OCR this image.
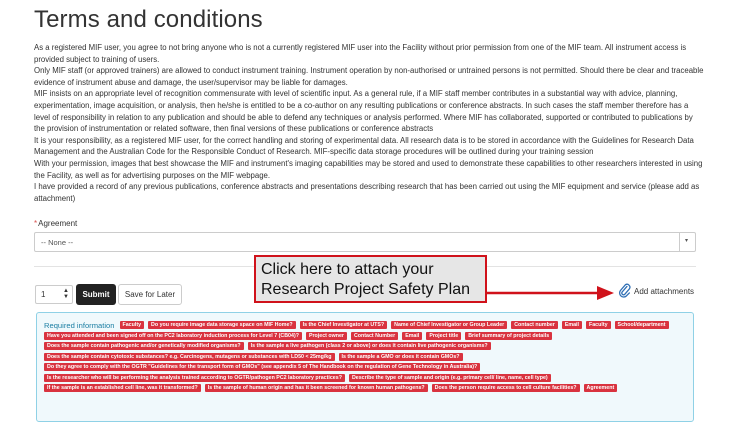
Terms and conditions

As a registered MIF user, you agree to not bring anyone who is not a currently registered MIF user into the Facility without prior permission from one of the MIF team. All instrument access is provided subject to training of users.

Only MIF staff (or approved trainers) are allowed to conduct instrument training. Instrument operation by non-authorised or untrained persons is not permitted. Should there be clear and traceable evidence of instrument abuse and damage, the user/supervisor may be liable for damages.

MIF insists on an appropriate level of recognition commensurate with level of scientific input. As a general rule, if a MIF staff member contributes in a substantial way with advice, planning, experimentation, image acquisition, or analysis, then he/she is entitled to be a co-author on any resulting publications or conference abstracts. In such cases the staff member therefore has a level of responsibility in relation to any publication and should be able to defend any techniques or analysis performed. Where MIF has collaborated, supported or contributed to publications by the provision of instrumentation or related software, then final versions of these publications or conference abstracts

It is your responsibility, as a registered MIF user, for the correct handling and storing of experimental data. All research data is to be stored in accordance with the Guidelines for Research Data Management and the Australian Code for the Responsible Conduct of Research. MIF-specific data storage procedures will be outlined during your training session

With your permission, images that best showcase the MIF and instrument's imaging capabilities may be stored and used to demonstrate these capabilities to other researchers interested in using the Facility, as well as for advertising purposes on the MIF webpage.

I have provided a record of any previous publications, conference abstracts and presentations describing research that has been carried out using the MIF equipment and service (please add as attachment)

*Agreement
-- None --	▾
1	▲
▼	Submit	Save for Later
Click here to attach your
Research Project Safety Plan	Add attachments
Required information Faculty Do you require image data storage space on MIF Home? Is the Chief Investigator at UTS? Name of Chief Investigator or Group Leader Contact number Email Faculty School/department Have you attended and been signed off on the PC2 laboratory induction process for Level 7 (CB04)? Project owner Contact Number Email Project title Brief summary of project details Does the sample contain pathogenic and/or genetically modified organisms? Is the sample a live pathogen (class 2 or above) or does it contain live pathogenic organisms? Does the sample contain cytotoxic substances? e.g. Carcinogens, mutagens or substances with LD50 < 25mg/kg Is the sample a GMO or does it contain GMOs? Do they agree to comply with the OGTR "Guidelines for the transport form of GMOs" (see appendix 5 of The Handbook on the regulation of Gene Technology in Australia)? Is the researcher who will be performing the analysis trained according to OGTR/pathogen PC2 laboratory practices? Describe the type of sample and origin (e.g. primary cell/ line, name, cell type) If the sample is an established cell line, was it transformed? Is the sample of human origin and has it been screened for known human pathogens? Does the person require access to cell culture facilities? Agreement
